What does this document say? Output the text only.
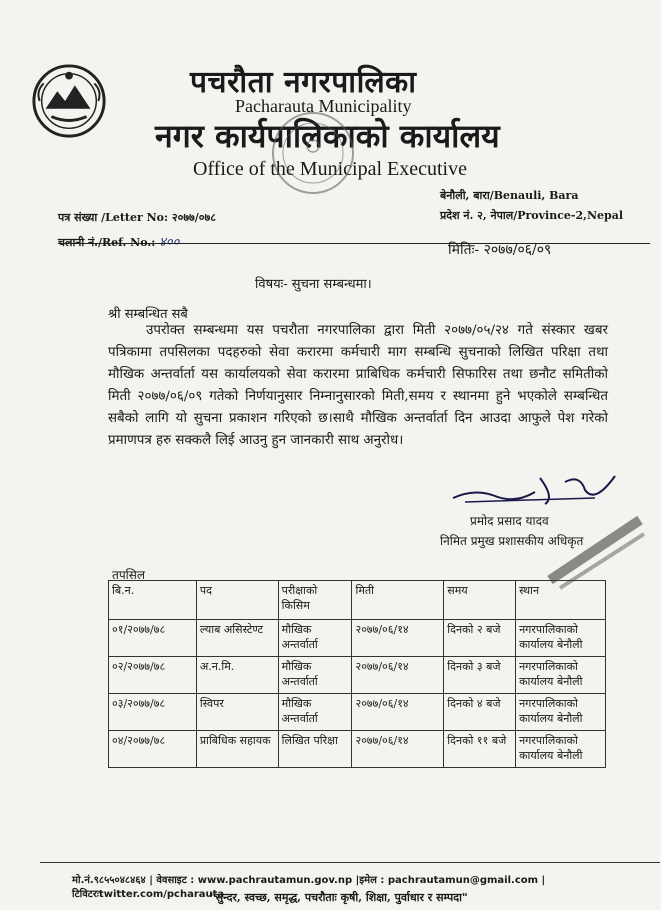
पचरौता नगरपालिका
Pacharauta Municipality
नगर कार्यपालिकाको कार्यालय
Office of the Municipal Executive
बेनौली, बारा/Benauli, Bara
प्रदेश नं. २, नेपाल/Province-2,Nepal
पत्र संख्या /Letter No: २०७७/०७८
चलानी नं./Ref. No.: ४००	मितिः- २०७७/०६/०९
विषयः- सुचना सम्बन्धमा।
श्री सम्बन्धित सबै
उपरोक्त सम्बन्धमा यस पचरौता नगरपालिका द्वारा मिती २०७७/०५/२४ गते संस्कार खबर पत्रिकामा तपसिलका पदहरुको सेवा करारमा कर्मचारी माग सम्बन्धि सुचनाको लिखित परिक्षा तथा मौखिक अन्तर्वार्ता यस कार्यालयको सेवा करारमा प्राबिधिक कर्मचारी सिफारिस तथा छनौट समितीको मिती २०७७/०६/०९ गतेको निर्णयानुसार निम्नानुसारको मिती,समय र स्थानमा हुने भएकोले सम्बन्धित सबैको लागि यो सुचना प्रकाशन गरिएको छ।साथै मौखिक अन्तर्वार्ता दिन आउदा आफुले पेश गरेको प्रमाणपत्र हरु सक्कलै लिई आउनु हुन जानकारी साथ अनुरोध।
प्रमोद प्रसाद यादव
निमित प्रमुख प्रशासकीय अधिकृत
तपसिल
बि.न.	पद	परीक्षाको किसिम	मिती	समय	स्थान
०१/२०७७/७८	ल्याब असिस्टेण्ट	मौखिक अन्तर्वार्ता	२०७७/०६/१४	दिनको २ बजे	नगरपालिकाको कार्यालय बेनौली
०२/२०७७/७८	अ.न.मि.	मौखिक अन्तर्वार्ता	२०७७/०६/१४	दिनको ३ बजे	नगरपालिकाको कार्यालय बेनौली
०३/२०७७/७८	स्विपर	मौखिक अन्तर्वार्ता	२०७७/०६/१४	दिनको ४ बजे	नगरपालिकाको कार्यालय बेनौली
०४/२०७७/७८	प्राबिधिक सहायक	लिखित परिक्षा	२०७७/०६/१४	दिनको ११ बजे	नगरपालिकाको कार्यालय बेनौली
मो.नं.९८५५०४८४६४ | वेवसाइट : www.pachrautamun.gov.np |इमेल : pachrautamun@gmail.com | टिविटरःtwitter.com/pcharauta
"सुन्दर, स्वच्छ, समृद्ध, पचरौताः कृषी, शिक्षा, पुर्वाधार र सम्पदा"
